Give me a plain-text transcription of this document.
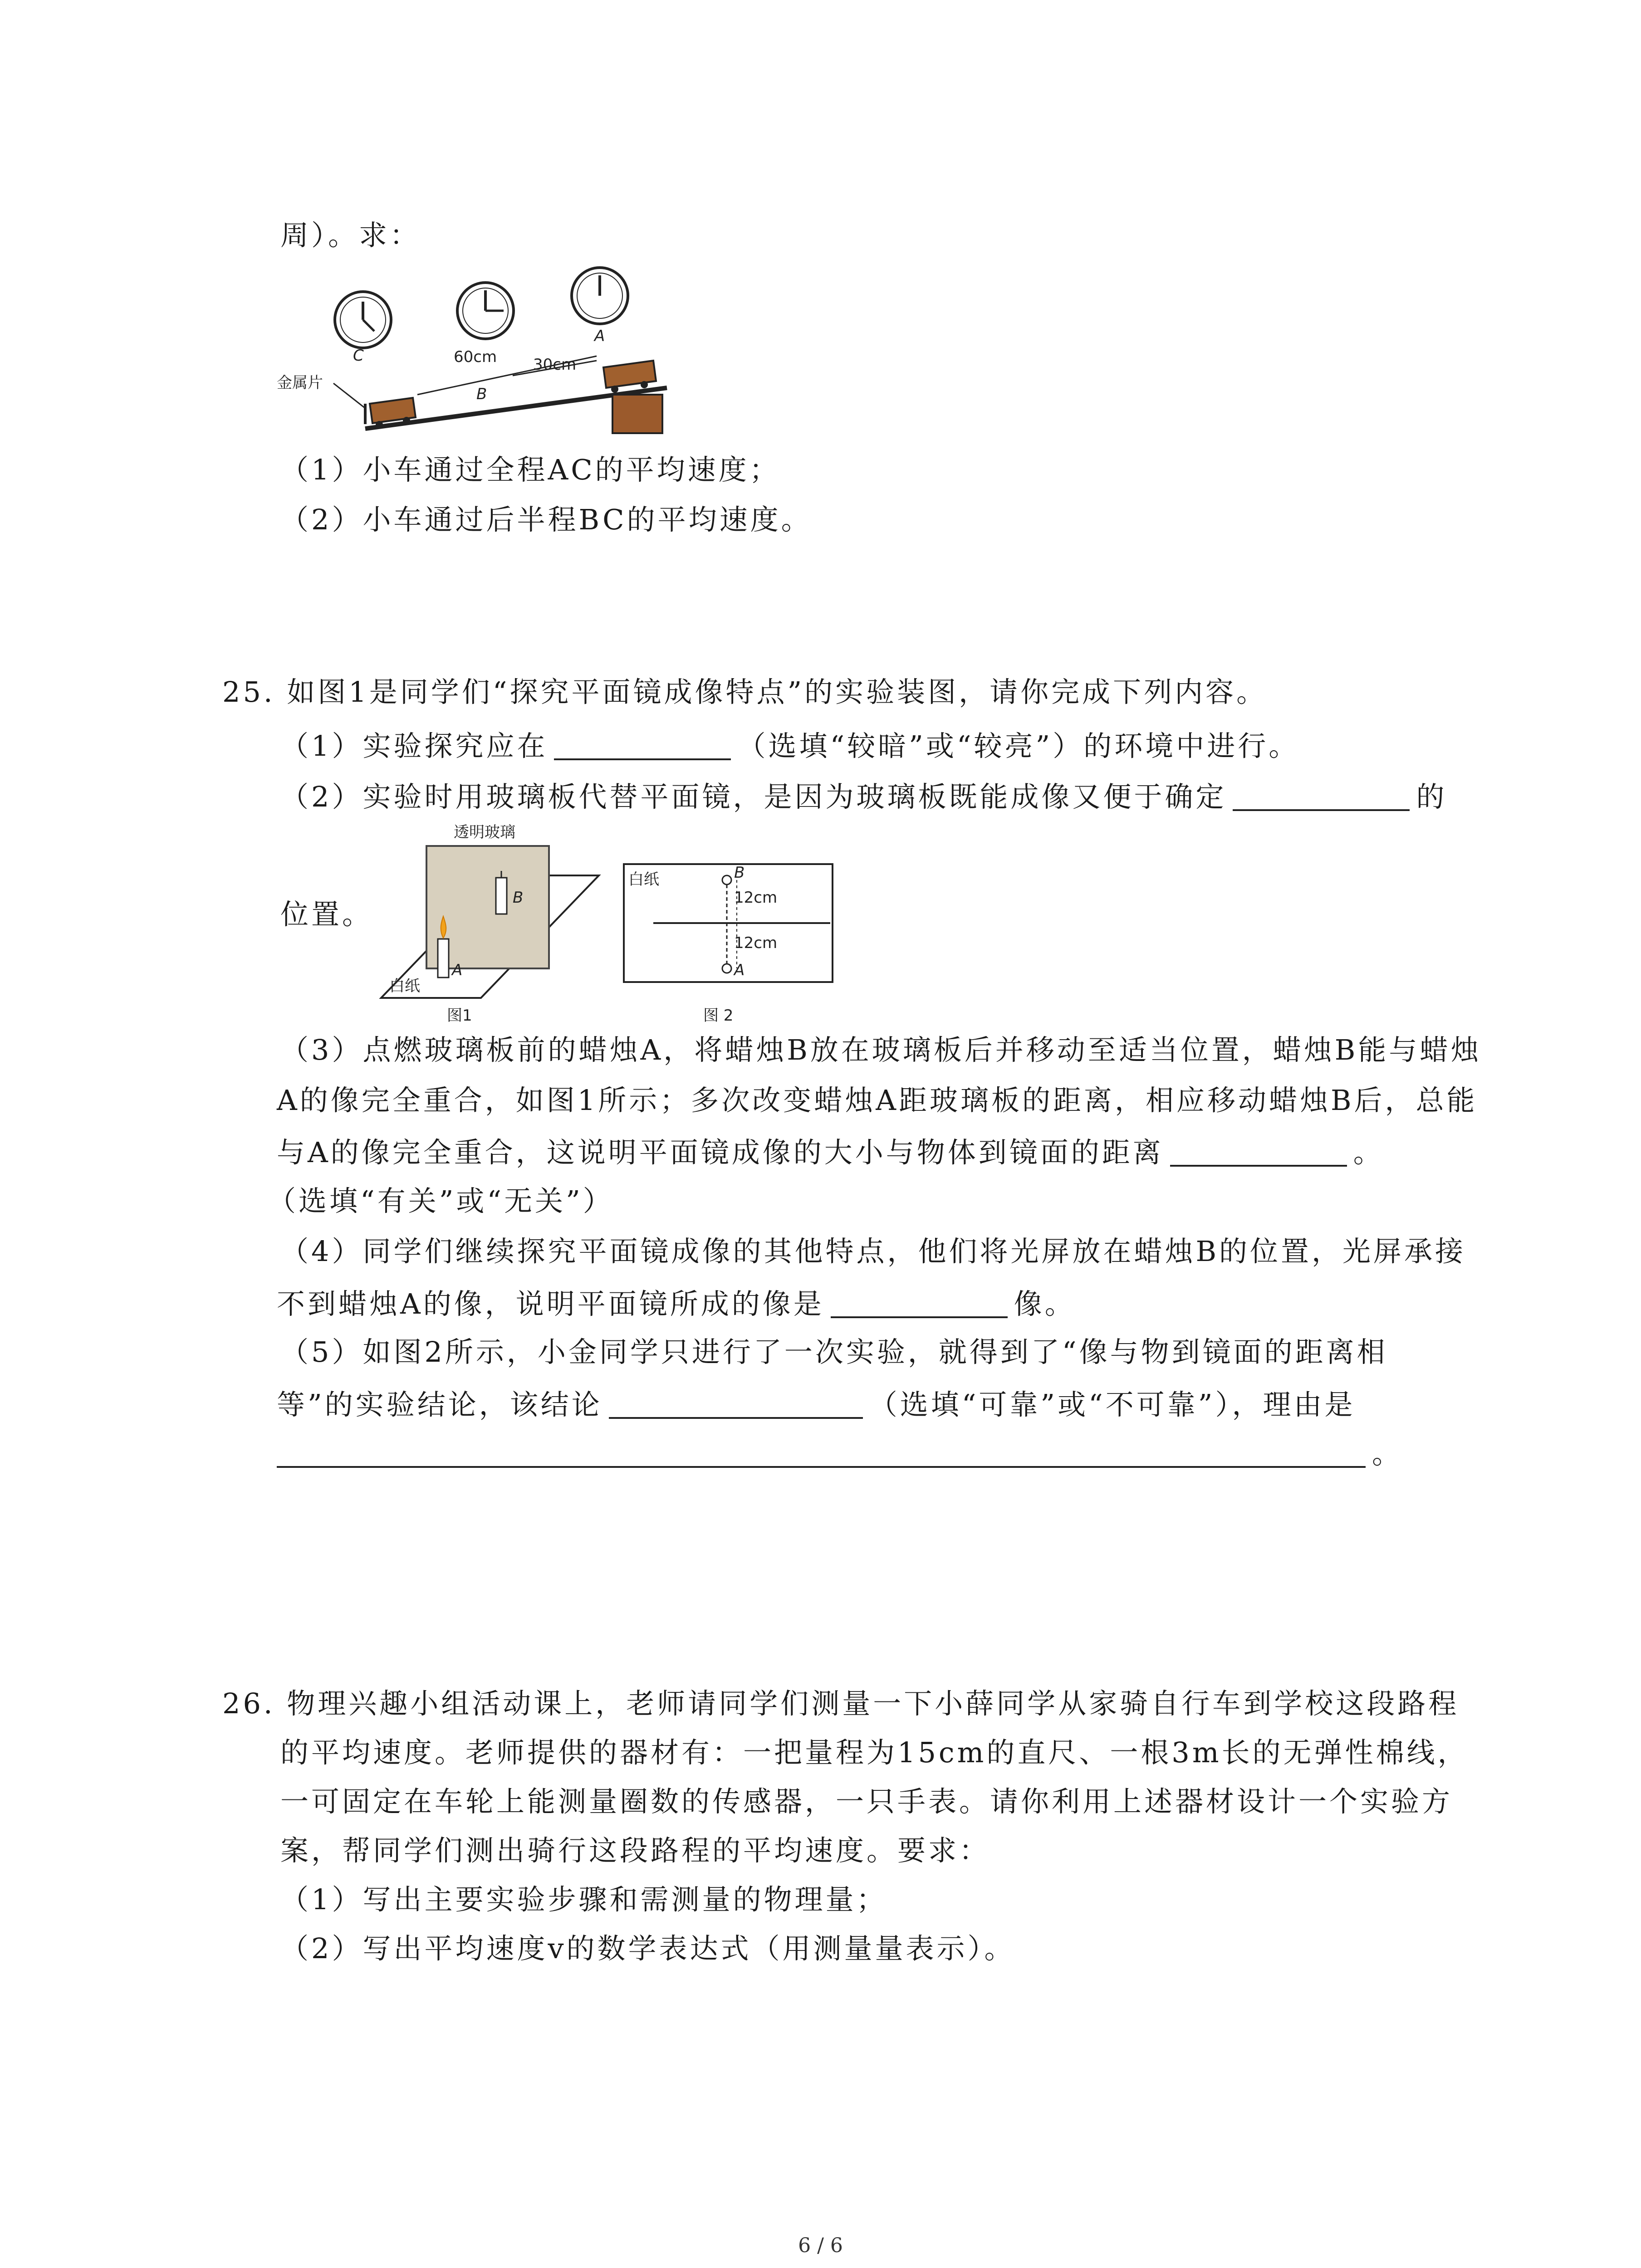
周）。求：
60cm 30cm
C
B
A
金属片
（1）小车通过全程AC的平均速度；
（2）小车通过后半程BC的平均速度。
25. 如图1是同学们“探究平面镜成像特点”的实验装图，请你完成下列内容。
（1）实验探究应在	（选填“较暗”或“较亮”）的环境中进行。
（2）实验时用玻璃板代替平面镜，是因为玻璃板既能成像又便于确定	的
位置。
透明玻璃
B
A
白纸
图1
白纸	B
12cm
12cm
A
图 2
（3）点燃玻璃板前的蜡烛A，将蜡烛B放在玻璃板后并移动至适当位置，蜡烛B能与蜡烛
A的像完全重合，如图1所示；多次改变蜡烛A距玻璃板的距离，相应移动蜡烛B后，总能
与A的像完全重合，这说明平面镜成像的大小与物体到镜面的距离	。
（选填“有关”或“无关”）
（4）同学们继续探究平面镜成像的其他特点，他们将光屏放在蜡烛B的位置，光屏承接
不到蜡烛A的像，说明平面镜所成的像是	像。
（5）如图2所示，小金同学只进行了一次实验，就得到了“像与物到镜面的距离相
等”的实验结论，该结论	（选填“可靠”或“不可靠”），理由是
。
26. 物理兴趣小组活动课上，老师请同学们测量一下小薛同学从家骑自行车到学校这段路程
的平均速度。老师提供的器材有：一把量程为15cm的直尺、一根3m长的无弹性棉线，
一可固定在车轮上能测量圈数的传感器，一只手表。请你利用上述器材设计一个实验方
案，帮同学们测出骑行这段路程的平均速度。要求：
（1）写出主要实验步骤和需测量的物理量；
（2）写出平均速度v的数学表达式（用测量量表示）。
6 / 6
